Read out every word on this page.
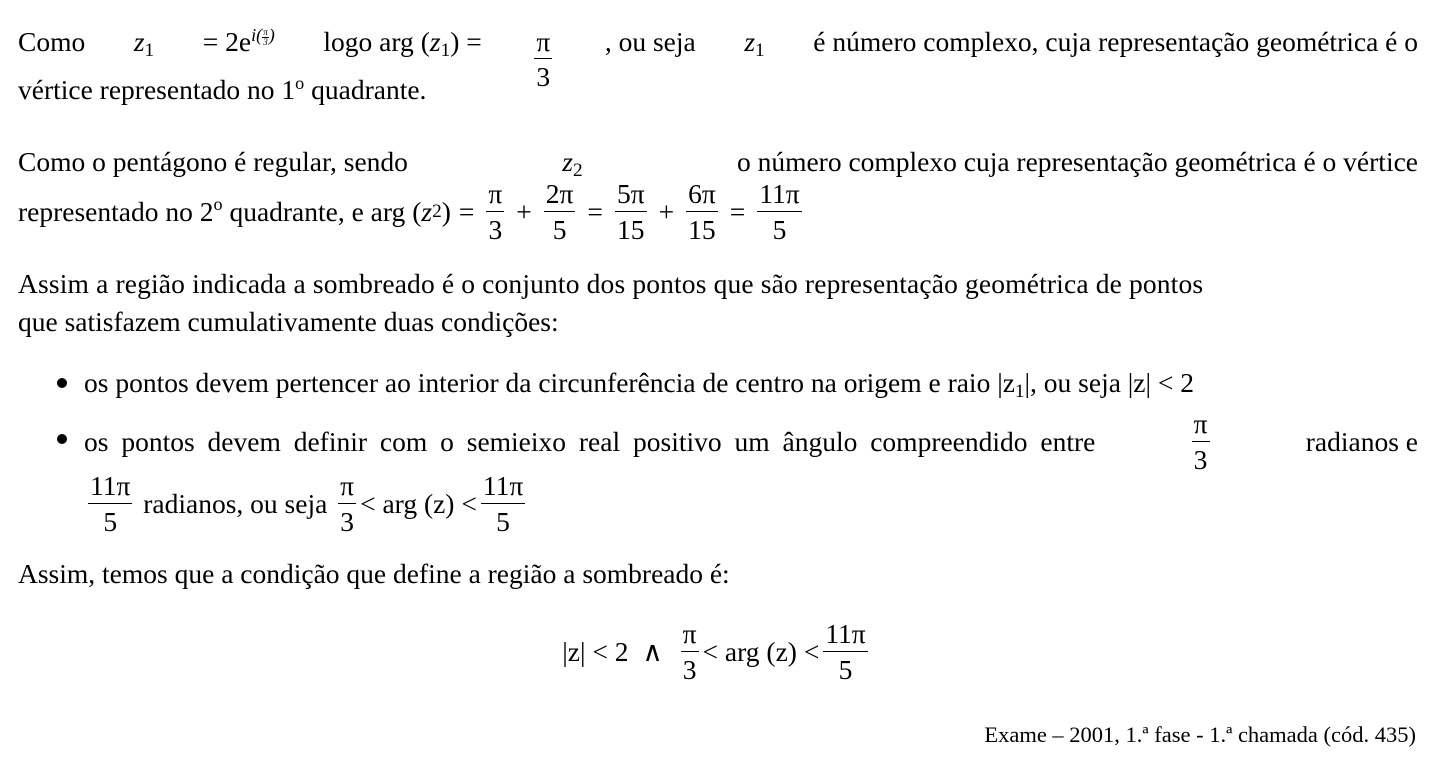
Como $z_1 = 2e^{i( \frac{\pi}{3} )}$ logo arg $(z_1) = \frac{\pi}{3}$ , ou seja $z_1$ é número complexo, cuja representação geométrica é o
vértice representado no 1$^o$ quadrante.
Como o pentágono é regular, sendo	$z_2$	o número complexo cuja representação geométrica é o vértice
representado no 2 o
quadrante, e arg ( z 2 ) = $\frac{\pi}{3} + \frac{2\pi}{5} = \frac{5\pi}{15} + \frac{6\pi}{15} = \frac{11\pi}{5}$
Assim a região indicada a sombreado é o conjunto dos pontos que são representação geométrica de pontos
que satisfazem cumulativamente duas condições:
os pontos devem pertencer ao interior da circunferência de centro na origem e raio $|z_1|$, ou seja |z| < 2
os pontos devem definir com o semieixo real positivo um ângulo compreendido entre	$\frac{\pi}{3}$	radianos e
$\frac{11\pi}{5}$
radianos, ou seja
$\frac{\pi}{3}$ < arg $(z) < \frac{11\pi}{5}$
Assim, temos que a condição que define a região a sombreado é:
|z| < 2 ∧ $\frac{\pi}{3}$ < arg $(z) < \frac{11\pi}{5}$
Exame – 2001, 1.ª fase - 1.ª chamada (cód. 435)
